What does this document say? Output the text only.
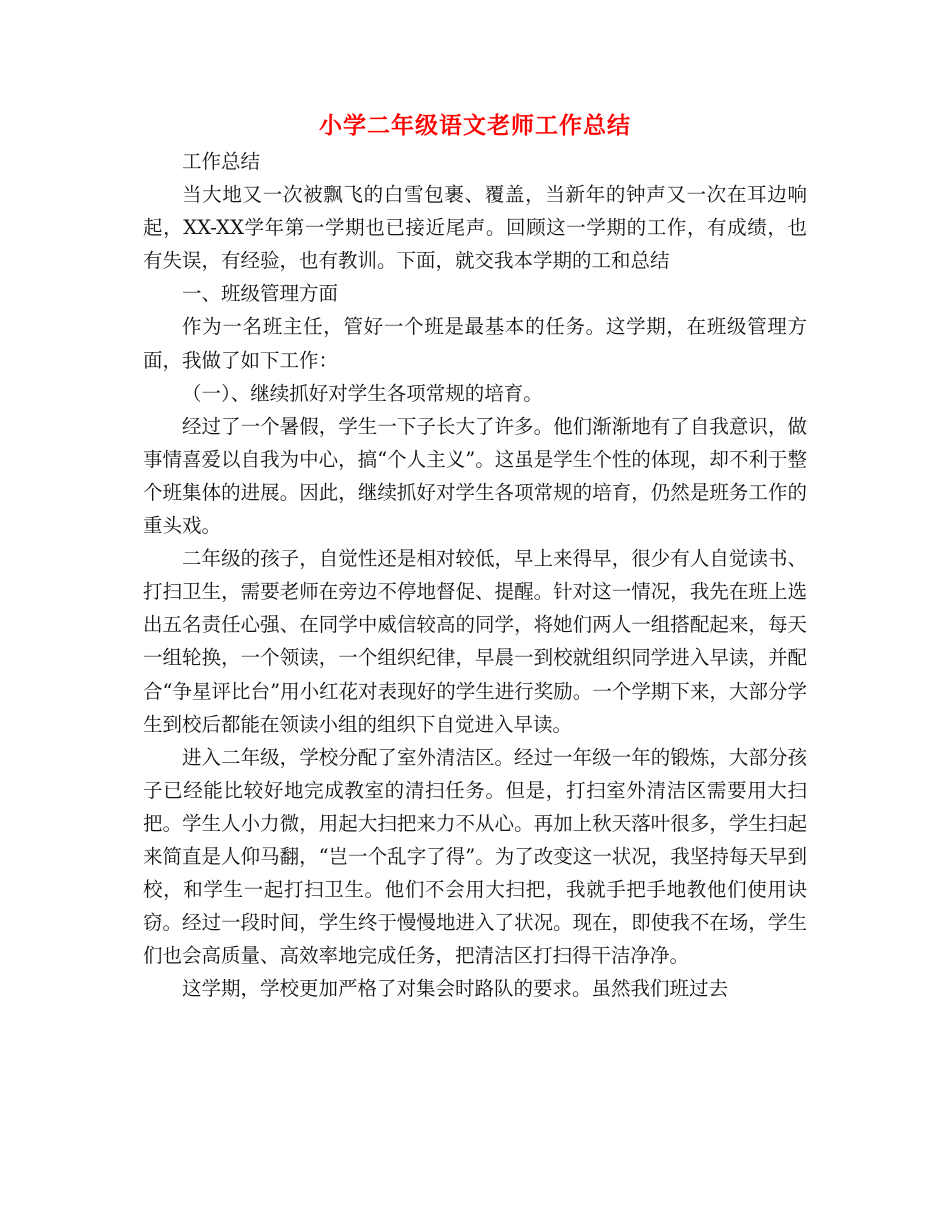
小学二年级语文老师工作总结

工作总结

当大地又一次被飘飞的白雪包裹、覆盖，当新年的钟声又一次在耳边响起，XX-XX学年第一学期也已接近尾声。回顾这一学期的工作，有成绩，也有失误，有经验，也有教训。下面，就交我本学期的工和总结

一、班级管理方面

作为一名班主任，管好一个班是最基本的任务。这学期，在班级管理方面，我做了如下工作：

（一）、继续抓好对学生各项常规的培育。

经过了一个暑假，学生一下子长大了许多。他们渐渐地有了自我意识，做事情喜爱以自我为中心，搞“个人主义”。这虽是学生个性的体现，却不利于整个班集体的进展。因此，继续抓好对学生各项常规的培育，仍然是班务工作的重头戏。

二年级的孩子，自觉性还是相对较低，早上来得早，很少有人自觉读书、打扫卫生，需要老师在旁边不停地督促、提醒。针对这一情况，我先在班上选出五名责任心强、在同学中威信较高的同学，将她们两人一组搭配起来，每天一组轮换，一个领读，一个组织纪律，早晨一到校就组织同学进入早读，并配合“争星评比台”用小红花对表现好的学生进行奖励。一个学期下来，大部分学生到校后都能在领读小组的组织下自觉进入早读。

进入二年级，学校分配了室外清洁区。经过一年级一年的锻炼，大部分孩子已经能比较好地完成教室的清扫任务。但是，打扫室外清洁区需要用大扫把。学生人小力微，用起大扫把来力不从心。再加上秋天落叶很多，学生扫起来简直是人仰马翻，“岂一个乱字了得”。为了改变这一状况，我坚持每天早到校，和学生一起打扫卫生。他们不会用大扫把，我就手把手地教他们使用诀窃。经过一段时间，学生终于慢慢地进入了状况。现在，即使我不在场，学生们也会高质量、高效率地完成任务，把清洁区打扫得干洁净净。

这学期，学校更加严格了对集会时路队的要求。虽然我们班过去
